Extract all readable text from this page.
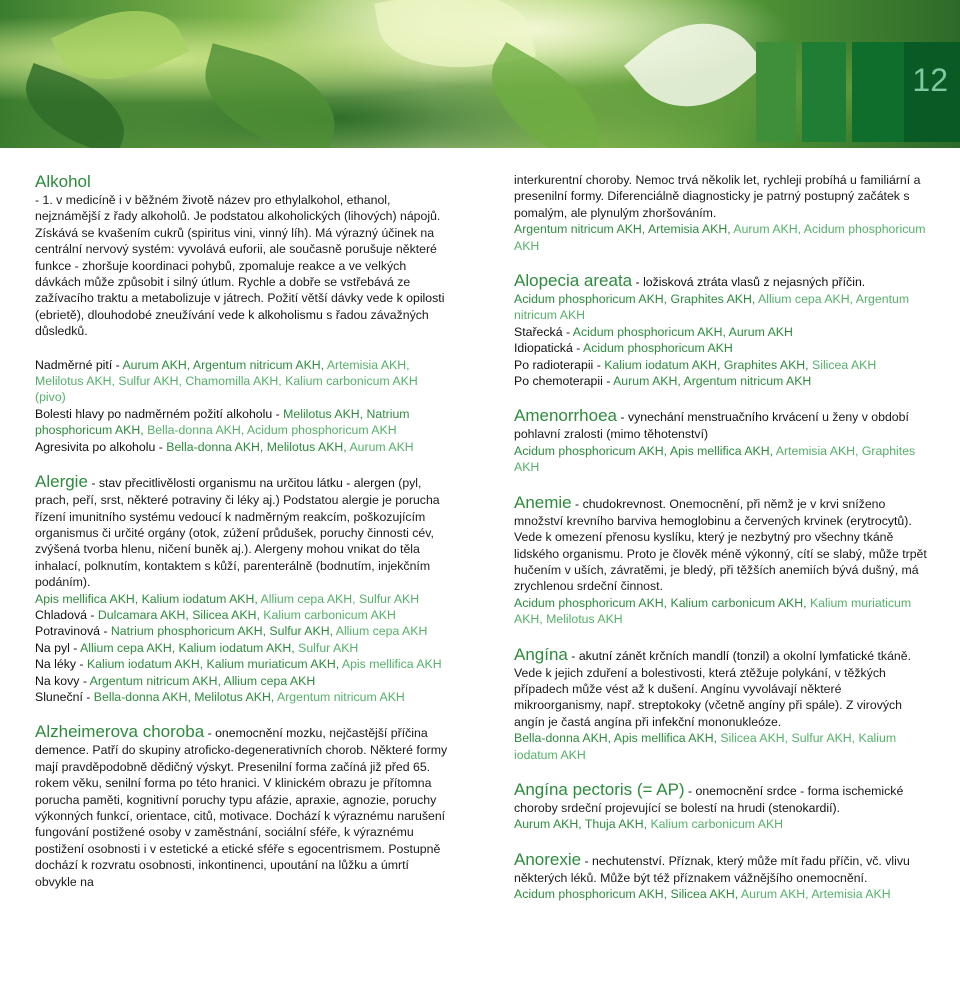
12

Alkohol

- 1. v medicíně i v běžném životě název pro ethylalkohol, ethanol, nejznámější z řady alkoholů. Je podstatou alkoholických (lihových) nápojů. Získává se kvašením cukrů (spiritus vini, vinný líh). Má výrazný účinek na centrální nervový systém: vyvolává euforii, ale současně porušuje některé funkce - zhoršuje koordinaci pohybů, zpomaluje reakce a ve velkých dávkách může způsobit i silný útlum. Rychle a dobře se vstřebává ze zažívacího traktu a metabolizuje v játrech. Požití větší dávky vede k opilosti (ebrietě), dlouhodobé zneužívání vede k alkoholismu s řadou závažných důsledků.

Nadměrné pití - Aurum AKH, Argentum nitricum AKH, Artemisia AKH, Melilotus AKH, Sulfur AKH, Chamomilla AKH, Kalium carbonicum AKH (pivo)

Bolesti hlavy po nadměrném požití alkoholu - Melilotus AKH, Natrium phosphoricum AKH, Bella-donna AKH, Acidum phosphoricum AKH

Agresivita po alkoholu - Bella-donna AKH, Melilotus AKH, Aurum AKH

Alergie - stav přecitlivělosti organismu na určitou látku - alergen (pyl, prach, peří, srst, některé potraviny či léky aj.) Podstatou alergie je porucha řízení imunitního systému vedoucí k nadměrným reakcím, poškozujícím organismus či určité orgány (otok, zúžení průdušek, poruchy činnosti cév, zvýšená tvorba hlenu, ničení buněk aj.). Alergeny mohou vnikat do těla inhalací, polknutím, kontaktem s kůží, parenterálně (bodnutím, injekčním podáním).

Apis mellifica AKH, Kalium iodatum AKH, Allium cepa AKH, Sulfur AKH

Chladová - Dulcamara AKH, Silicea AKH, Kalium carbonicum AKH

Potravinová - Natrium phosphoricum AKH, Sulfur AKH, Allium cepa AKH

Na pyl - Allium cepa AKH, Kalium iodatum AKH, Sulfur AKH

Na léky - Kalium iodatum AKH, Kalium muriaticum AKH, Apis mellifica AKH

Na kovy - Argentum nitricum AKH, Allium cepa AKH

Sluneční - Bella-donna AKH, Melilotus AKH, Argentum nitricum AKH

Alzheimerova choroba - onemocnění mozku, nejčastější příčina demence. Patří do skupiny atroficko-degenerativních chorob. Některé formy mají pravděpodobně dědičný výskyt. Presenilní forma začíná již před 65. rokem věku, senilní forma po této hranici. V klinickém obrazu je přítomna porucha paměti, kognitivní poruchy typu afázie, apraxie, agnozie, poruchy výkonných funkcí, orientace, citů, motivace. Dochází k výraznému narušení fungování postižené osoby v zaměstnání, sociální sféře, k výraznému postižení osobnosti i v estetické a etické sféře s egocentrismem. Postupně dochází k rozvratu osobnosti, inkontinenci, upoutání na lůžku a úmrtí obvykle na

interkurentní choroby. Nemoc trvá několik let, rychleji probíhá u familiární a presenilní formy. Diferenciálně diagnosticky je patrný postupný začátek s pomalým, ale plynulým zhoršováním.

Argentum nitricum AKH, Artemisia AKH, Aurum AKH, Acidum phosphoricum AKH

Alopecia areata - ložisková ztráta vlasů z nejasných příčin.

Acidum phosphoricum AKH, Graphites AKH, Allium cepa AKH, Argentum nitricum AKH

Stařecká - Acidum phosphoricum AKH, Aurum AKH

Idiopatická - Acidum phosphoricum AKH

Po radioterapii - Kalium iodatum AKH, Graphites AKH, Silicea AKH

Po chemoterapii - Aurum AKH, Argentum nitricum AKH

Amenorrhoea - vynechání menstruačního krvácení u ženy v období pohlavní zralosti (mimo těhotenství)

Acidum phosphoricum AKH, Apis mellifica AKH, Artemisia AKH, Graphites AKH

Anemie - chudokrevnost. Onemocnění, při němž je v krvi sníženo množství krevního barviva hemoglobinu a červených krvinek (erytrocytů). Vede k omezení přenosu kyslíku, který je nezbytný pro všechny tkáně lidského organismu. Proto je člověk méně výkonný, cítí se slabý, může trpět hučením v uších, závratěmi, je bledý, při těžších anemiích bývá dušný, má zrychlenou srdeční činnost.

Acidum phosphoricum AKH, Kalium carbonicum AKH, Kalium muriaticum AKH, Melilotus AKH

Angína - akutní zánět krčních mandlí (tonzil) a okolní lymfatické tkáně. Vede k jejich zduření a bolestivosti, která ztěžuje polykání, v těžkých případech může vést až k dušení. Angínu vyvolávají některé mikroorganismy, např. streptokoky (včetně angíny při spále). Z virových angín je častá angína při infekční mononukleóze.

Bella-donna AKH, Apis mellifica AKH, Silicea AKH, Sulfur AKH, Kalium iodatum AKH

Angína pectoris (= AP) - onemocnění srdce - forma ischemické choroby srdeční projevující se bolestí na hrudi (stenokardií).

Aurum AKH, Thuja AKH, Kalium carbonicum AKH

Anorexie - nechutenství. Příznak, který může mít řadu příčin, vč. vlivu některých léků. Může být též příznakem vážnějšího onemocnění.

Acidum phosphoricum AKH, Silicea AKH, Aurum AKH, Artemisia AKH
